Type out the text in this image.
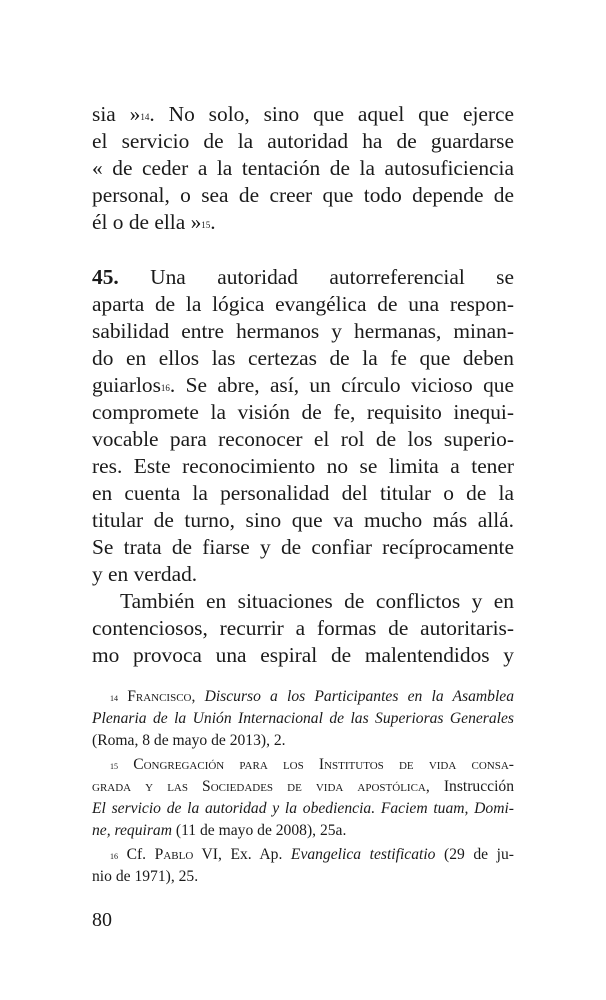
sia »$^{14}$. No solo, sino que aquel que ejerce
el servicio de la autoridad ha de guardarse
« de ceder a la tentación de la autosuficiencia
personal, o sea de creer que todo depende de
él o de ella »$^{15}$.
45. Una autoridad autorreferencial se
aparta de la lógica evangélica de una respon-
sabilidad entre hermanos y hermanas, minan-
do en ellos las certezas de la fe que deben
guiarlos$^{16}$. Se abre, así, un círculo vicioso que
compromete la visión de fe, requisito inequi-
vocable para reconocer el rol de los superio-
res. Este reconocimiento no se limita a tener
en cuenta la personalidad del titular o de la
titular de turno, sino que va mucho más allá.
Se trata de fiarse y de confiar recíprocamente
y en verdad.
También en situaciones de conflictos y en
contenciosos, recurrir a formas de autoritaris-
mo provoca una espiral de malentendidos y
$^{14}$ Francisco, Discurso a los Participantes en la Asamblea
Plenaria de la Unión Internacional de las Superioras Generales
(Roma, 8 de mayo de 2013), 2.
$^{15}$ Congregación para los Institutos de vida consa-
grada y las Sociedades de vida apostólica, Instrucción
El servicio de la autoridad y la obediencia. Faciem tuam, Domi-
ne, requiram (11 de mayo de 2008), 25a.
$^{16}$ Cf. Pablo VI, Ex. Ap. Evangelica testificatio (29 de ju-
nio de 1971), 25.
80
